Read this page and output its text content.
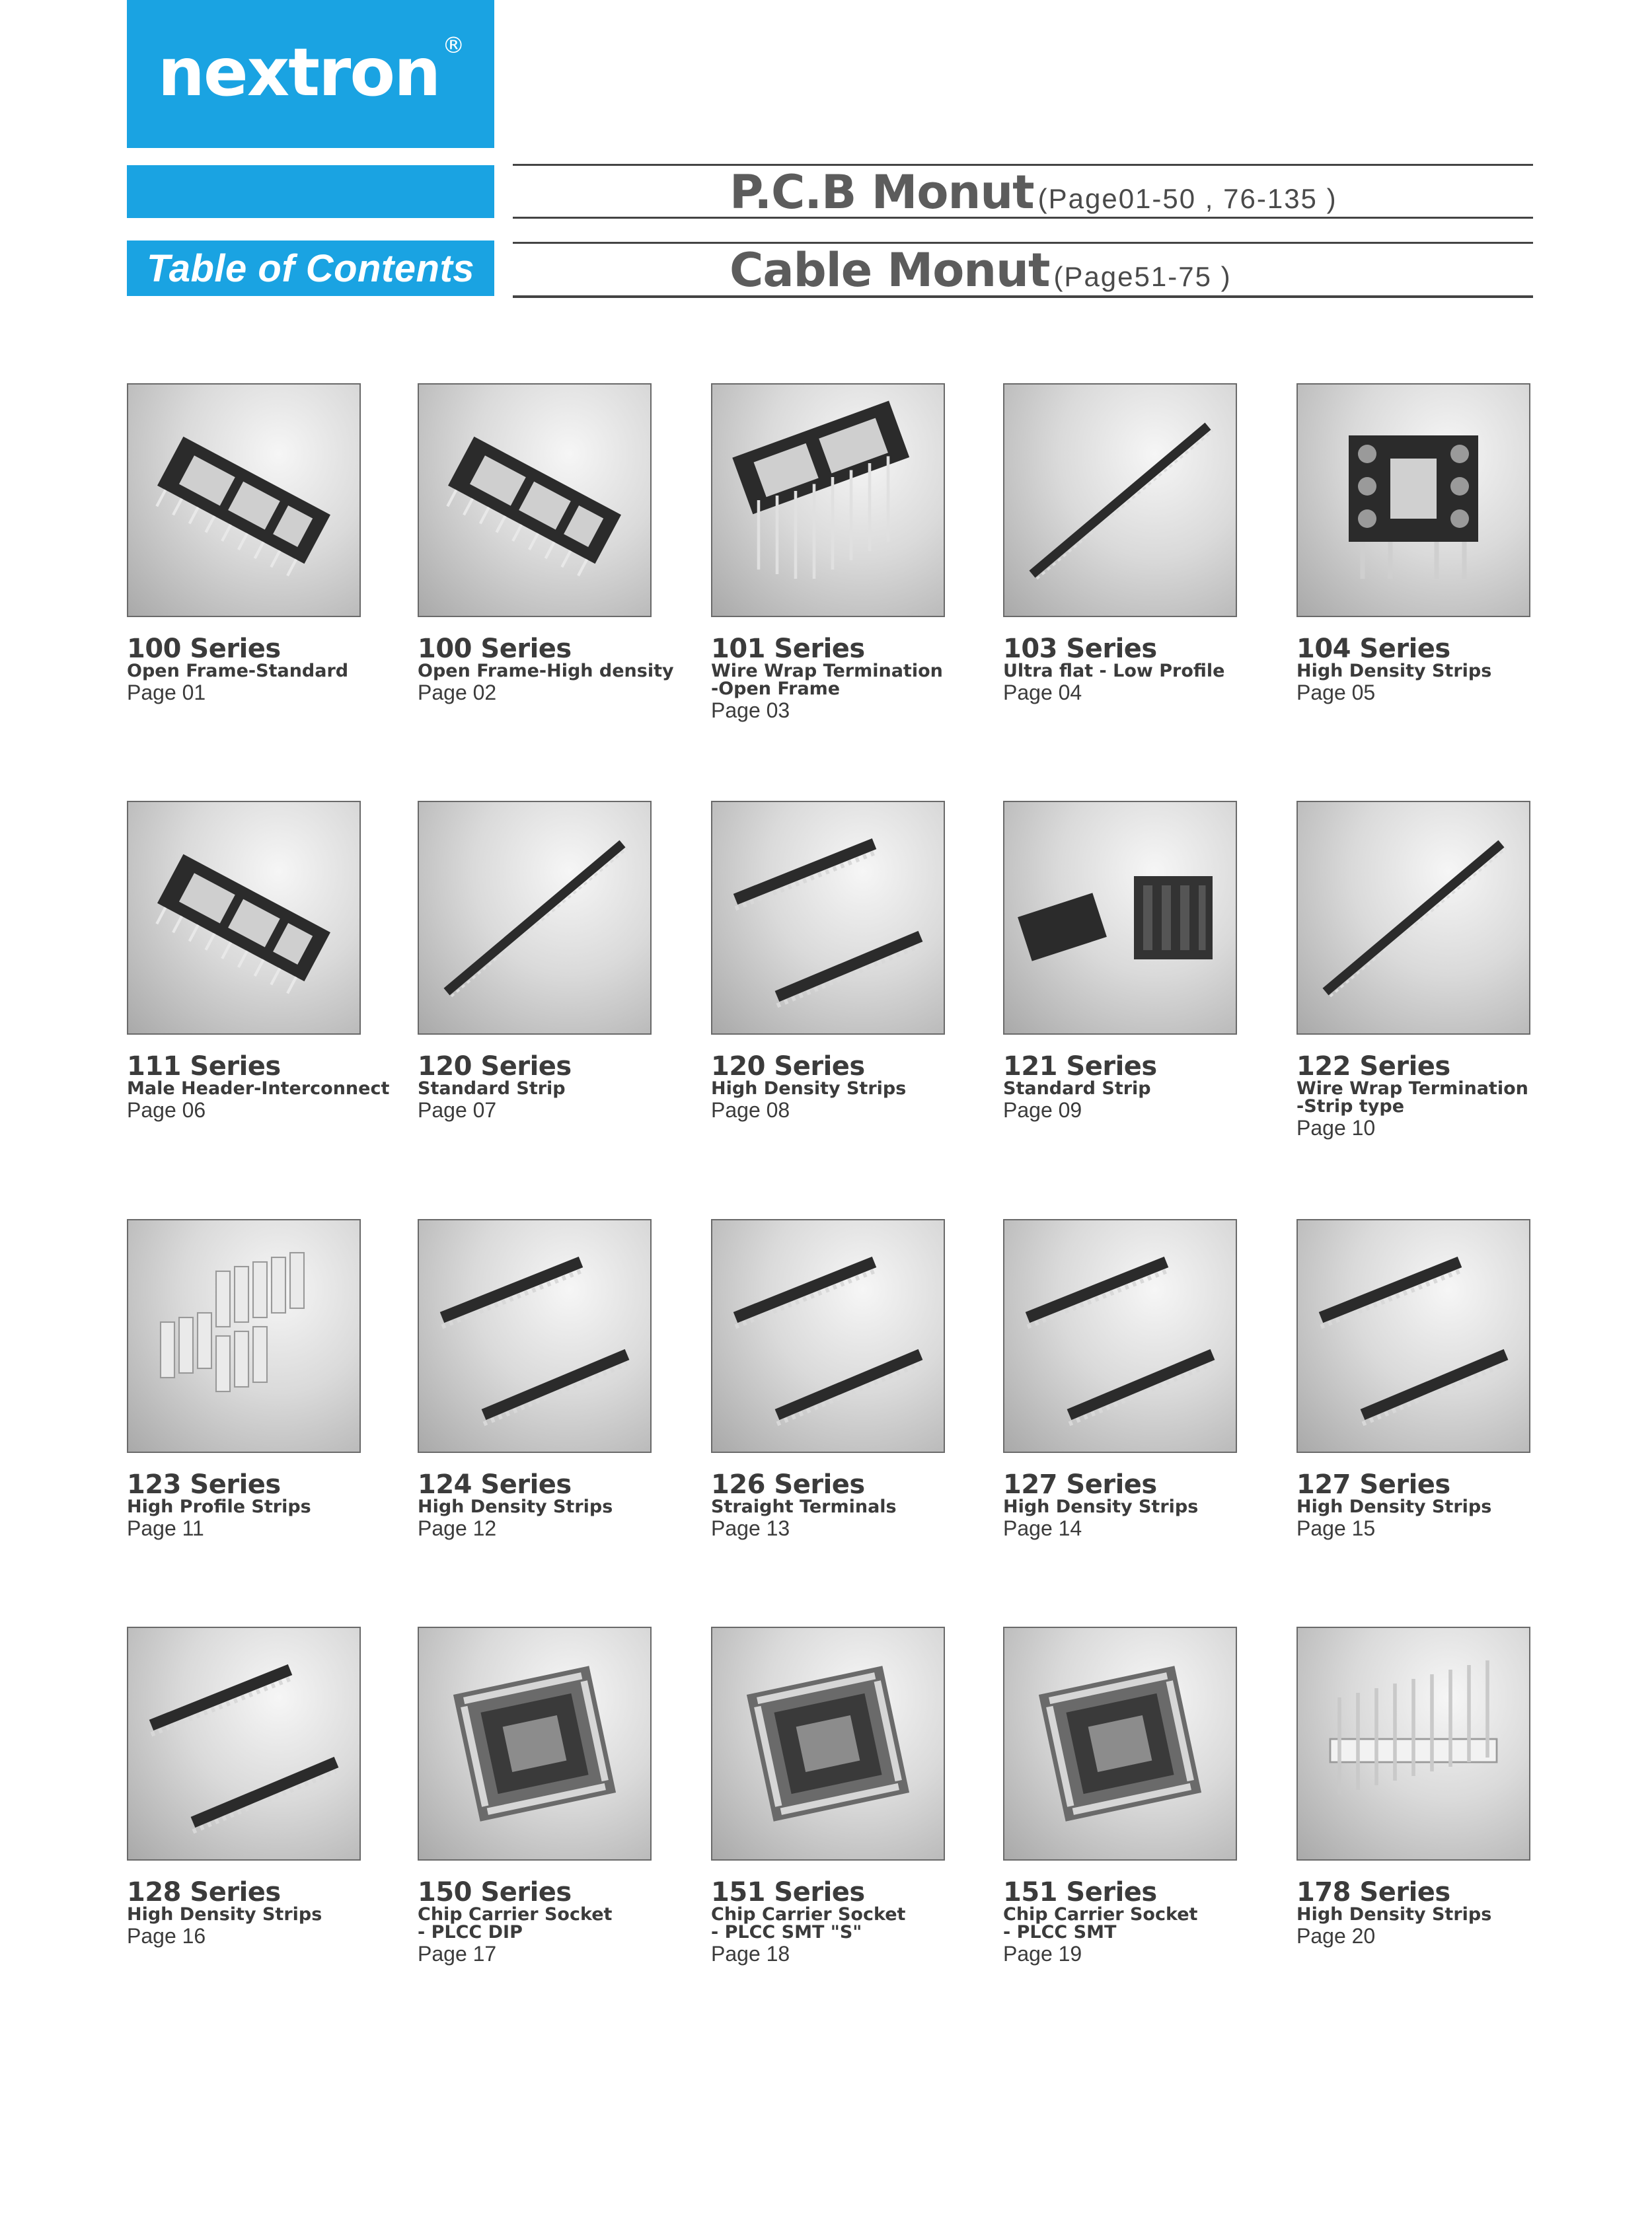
nextron ®
Table of Contents
P.C.B Monut (Page01-50 , 76-135 )
Cable Monut (Page51-75 )
100 Series
Open Frame-Standard
Page 01
100 Series
Open Frame-High density
Page 02
101 Series
Wire Wrap Termination
-Open Frame
Page 03
103 Series
Ultra flat - Low Profile
Page 04
104 Series
High Density Strips
Page 05
111 Series
Male Header-Interconnect
Page 06
120 Series
Standard Strip
Page 07
120 Series
High Density Strips
Page 08
121 Series
Standard Strip
Page 09
122 Series
Wire Wrap Termination
-Strip type
Page 10
123 Series
High Profile Strips
Page 11
124 Series
High Density Strips
Page 12
126 Series
Straight Terminals
Page 13
127 Series
High Density Strips
Page 14
127 Series
High Density Strips
Page 15
128 Series
High Density Strips
Page 16
150 Series
Chip Carrier Socket
- PLCC DIP
Page 17
151 Series
Chip Carrier Socket
- PLCC SMT "S"
Page 18
151 Series
Chip Carrier Socket
- PLCC SMT
Page 19
178 Series
High Density Strips
Page 20
